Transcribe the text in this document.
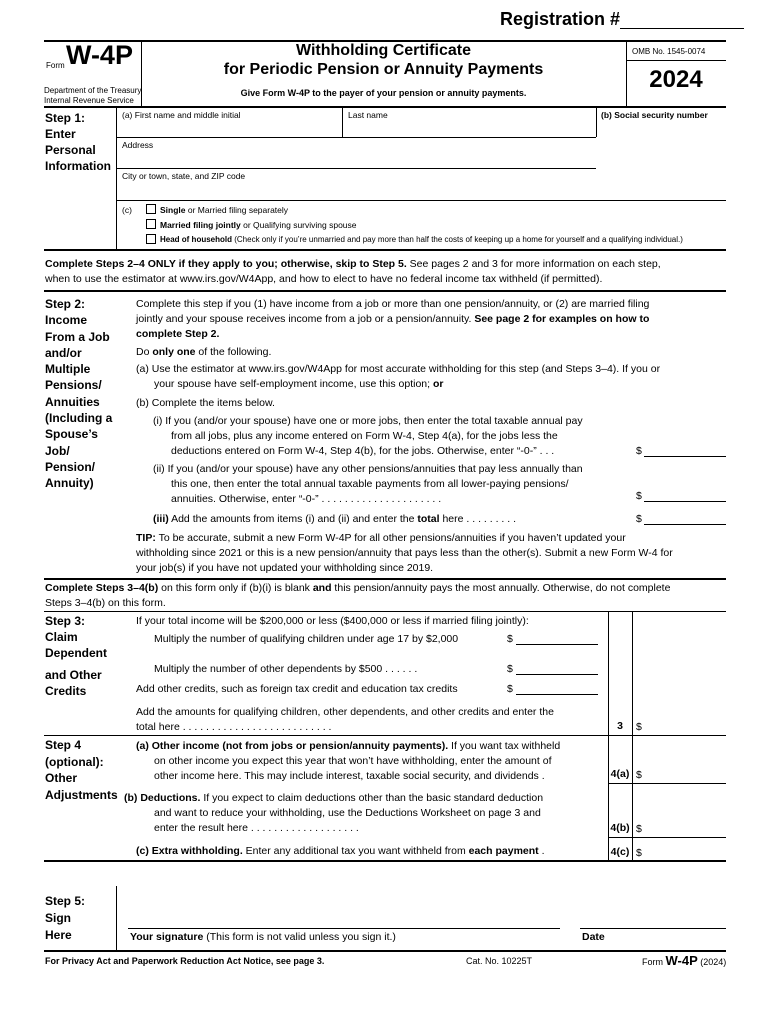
Registration #
Form W-4P
Department of the Treasury
Internal Revenue Service
Withholding Certificate
for Periodic Pension or Annuity Payments
Give Form W-4P to the payer of your pension or annuity payments.
OMB No. 1545-0074
2024
Step 1:
Enter
Personal
Information
(a) First name and middle initial	Last name	(b) Social security number
Address
City or town, state, and ZIP code
(c)	Single or Married filing separately
Married filing jointly or Qualifying surviving spouse
Head of household (Check only if you’re unmarried and pay more than half the costs of keeping up a home for yourself and a qualifying individual.)
Complete Steps 2–4 ONLY if they apply to you; otherwise, skip to Step 5. See pages 2 and 3 for more information on each step,
when to use the estimator at www.irs.gov/W4App, and how to elect to have no federal income tax withheld (if permitted).
Step 2:
Income
From a Job
and/or
Multiple
Pensions/
Annuities
(Including a
Spouse’s
Job/
Pension/
Annuity)
Complete this step if you (1) have income from a job or more than one pension/annuity, or (2) are married filing
jointly and your spouse receives income from a job or a pension/annuity. See page 2 for examples on how to
complete Step 2.
Do only one of the following.
(a) Use the estimator at www.irs.gov/W4App for most accurate withholding for this step (and Steps 3–4). If you or
your spouse have self-employment income, use this option; or
(b) Complete the items below.
(i) If you (and/or your spouse) have one or more jobs, then enter the total taxable annual pay
from all jobs, plus any income entered on Form W-4, Step 4(a), for the jobs less the
deductions entered on Form W-4, Step 4(b), for the jobs. Otherwise, enter “-0-” . . .	$
(ii) If you (and/or your spouse) have any other pensions/annuities that pay less annually than
this one, then enter the total annual taxable payments from all lower-paying pensions/
annuities. Otherwise, enter “-0-” . . . . . . . . . . . . . . . . . . . . .	$
(iii) Add the amounts from items (i) and (ii) and enter the total here . . . . . . . . .	$
TIP: To be accurate, submit a new Form W-4P for all other pensions/annuities if you haven’t updated your
withholding since 2021 or this is a new pension/annuity that pays less than the other(s). Submit a new Form W-4 for
your job(s) if you have not updated your withholding since 2019.
Complete Steps 3–4(b) on this form only if (b)(i) is blank and this pension/annuity pays the most annually. Otherwise, do not complete
Steps 3–4(b) on this form.
Step 3:
Claim
Dependent
and Other
Credits
If your total income will be $200,000 or less ($400,000 or less if married filing jointly):
Multiply the number of qualifying children under age 17 by $2,000	$
Multiply the number of other dependents by $500 . . . . . .	$
Add other credits, such as foreign tax credit and education tax credits	$
Add the amounts for qualifying children, other dependents, and other credits and enter the
total here . . . . . . . . . . . . . . . . . . . . . . . . . .	3	$
Step 4
(optional):
Other
Adjustments
(a) Other income (not from jobs or pension/annuity payments). If you want tax withheld
on other income you expect this year that won’t have withholding, enter the amount of
other income here. This may include interest, taxable social security, and dividends .	4(a) $
(b) Deductions. If you expect to claim deductions other than the basic standard deduction
and want to reduce your withholding, use the Deductions Worksheet on page 3 and
enter the result here . . . . . . . . . . . . . . . . . . .	4(b) $
(c) Extra withholding. Enter any additional tax you want withheld from each payment .	4(c) $
Step 5:
Sign
Here	Your signature (This form is not valid unless you sign it.)	Date
For Privacy Act and Paperwork Reduction Act Notice, see page 3.	Cat. No. 10225T	Form W-4P (2024)
